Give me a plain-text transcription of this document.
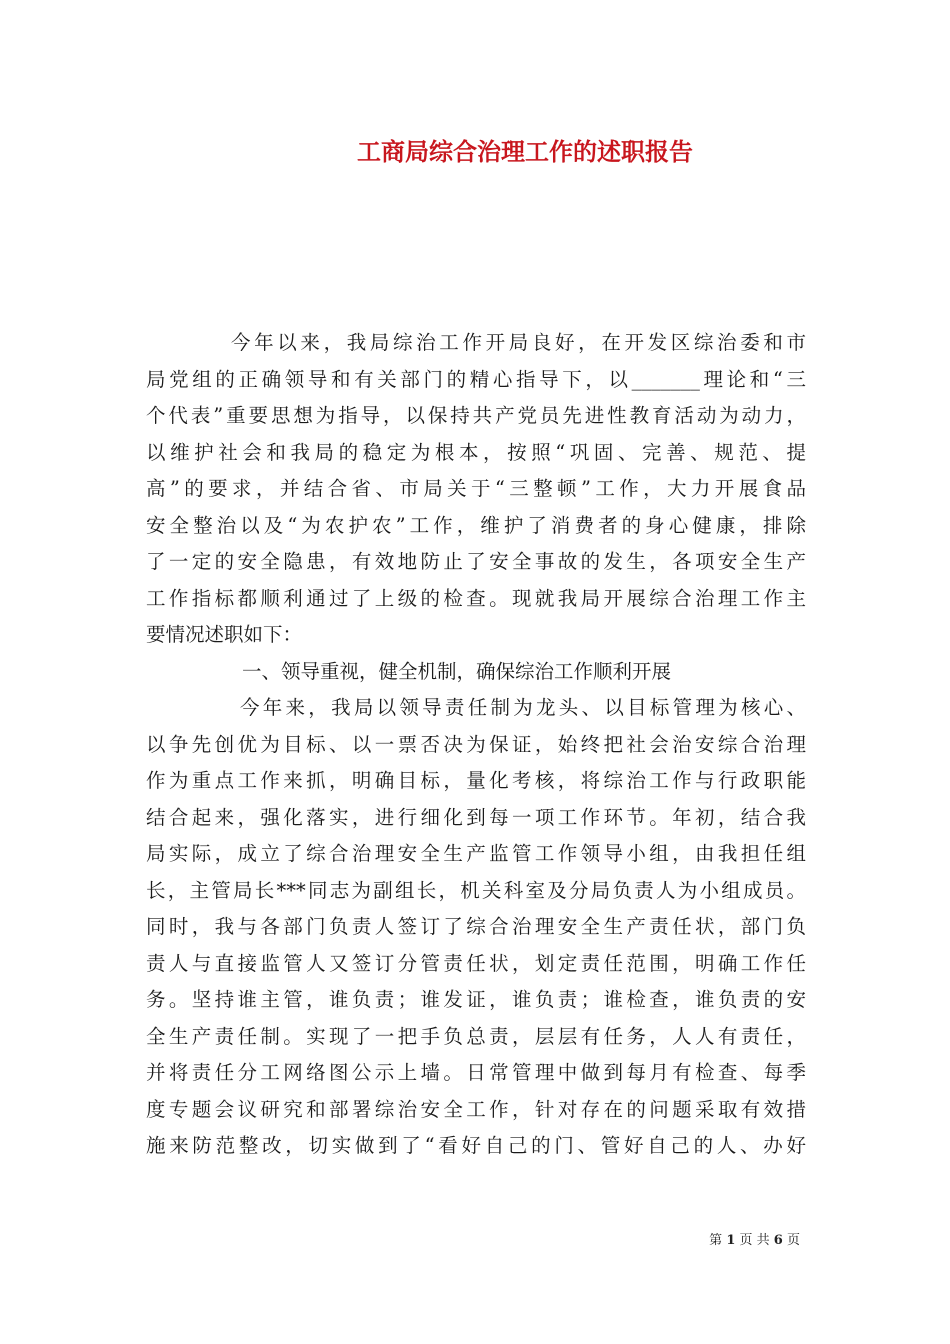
工商局综合治理工作的述职报告
今年以来，我局综治工作开局良好，在开发区综治委和市
局党组的正确领导和有关部门的精心指导下，以_______理论和“三
个代表”重要思想为指导，以保持共产党员先进性教育活动为动力，
以维护社会和我局的稳定为根本，按照“巩固、完善、规范、提
高”的要求，并结合省、市局关于“三整顿”工作，大力开展食品
安全整治以及“为农护农”工作，维护了消费者的身心健康，排除
了一定的安全隐患，有效地防止了安全事故的发生，各项安全生产
工作指标都顺利通过了上级的检查。现就我局开展综合治理工作主
要情况述职如下：
一、领导重视，健全机制，确保综治工作顺利开展
今年来，我局以领导责任制为龙头、以目标管理为核心、
以争先创优为目标、以一票否决为保证，始终把社会治安综合治理
作为重点工作来抓，明确目标，量化考核，将综治工作与行政职能
结合起来，强化落实，进行细化到每一项工作环节。年初，结合我
局实际，成立了综合治理安全生产监管工作领导小组，由我担任组
长，主管局长***同志为副组长，机关科室及分局负责人为小组成员。
同时，我与各部门负责人签订了综合治理安全生产责任状，部门负
责人与直接监管人又签订分管责任状，划定责任范围，明确工作任
务。坚持谁主管，谁负责；谁发证，谁负责；谁检查，谁负责的安
全生产责任制。实现了一把手负总责，层层有任务，人人有责任，
并将责任分工网络图公示上墙。日常管理中做到每月有检查、每季
度专题会议研究和部署综治安全工作，针对存在的问题采取有效措
施来防范整改，切实做到了“看好自己的门、管好自己的人、办好
第 1 页 共 6 页
